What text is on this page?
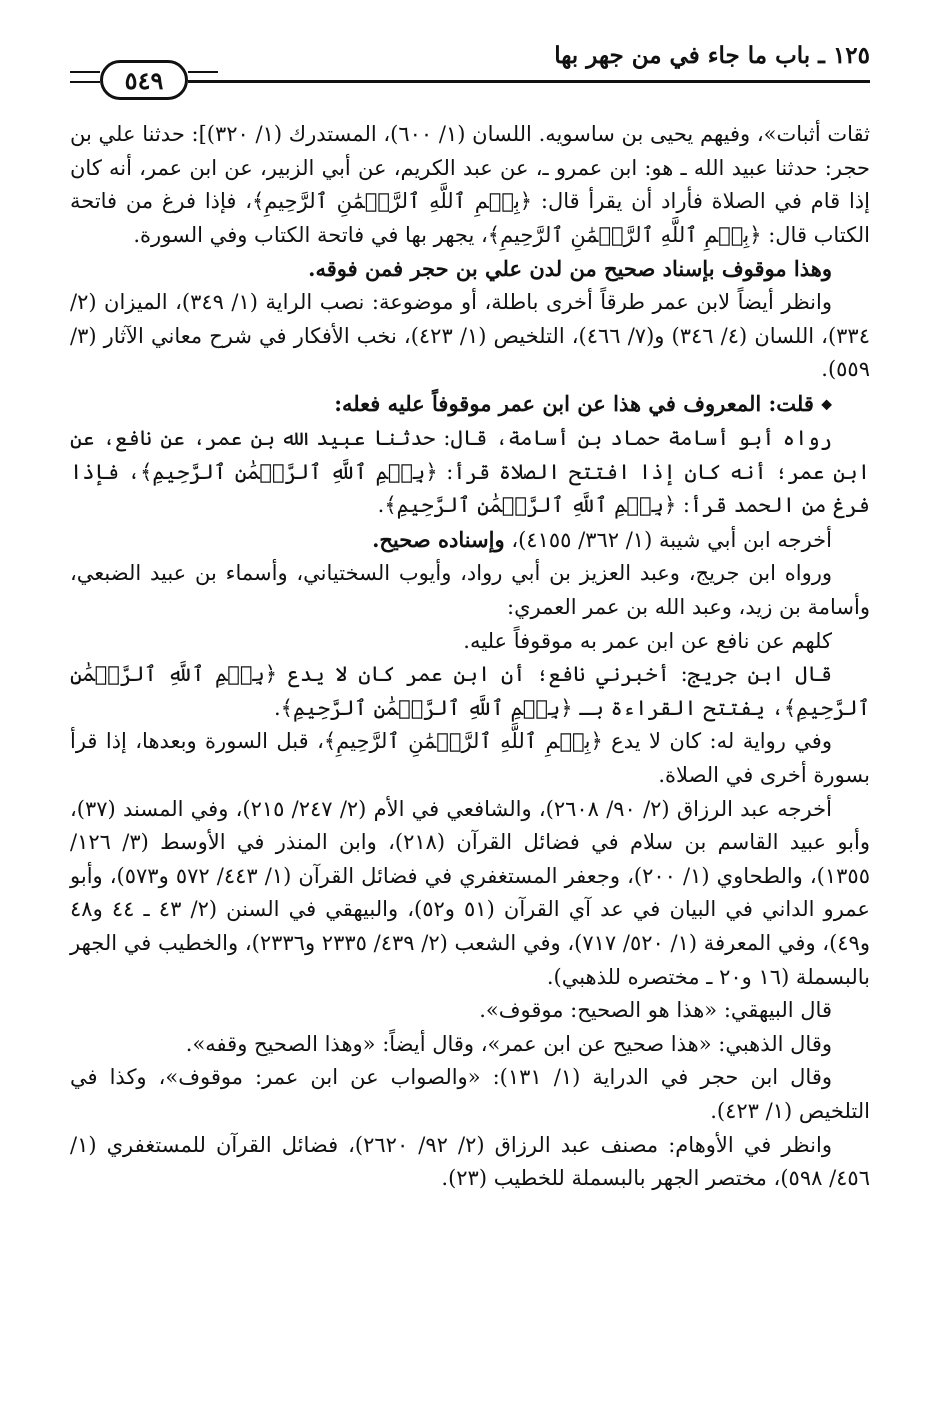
١٢٥ ـ باب ما جاء في من جهر بها
٥٤٩

ثقات أثبات»، وفيهم يحيى بن ساسويه. اللسان (١/ ٦٠٠)، المستدرك (١/ ٣٢٠)]: حدثنا علي بن حجر: حدثنا عبيد الله ـ هو: ابن عمرو ـ، عن عبد الكريم، عن أبي الزبير، عن ابن عمر، أنه كان إذا قام في الصلاة فأراد أن يقرأ قال: ﴿بِسۡمِ ٱللَّهِ ٱلرَّحۡمَٰنِ ٱلرَّحِيمِ﴾، فإذا فرغ من فاتحة الكتاب قال: ﴿بِسۡمِ ٱللَّهِ ٱلرَّحۡمَٰنِ ٱلرَّحِيمِ﴾، يجهر بها في فاتحة الكتاب وفي السورة.

وهذا موقوف بإسناد صحيح من لدن علي بن حجر فمن فوقه.

وانظر أيضاً لابن عمر طرقاً أخرى باطلة، أو موضوعة: نصب الراية (١/ ٣٤٩)، الميزان (٢/ ٣٣٤)، اللسان (٤/ ٣٤٦) و(٧/ ٤٦٦)، التلخيص (١/ ٤٢٣)، نخب الأفكار في شرح معاني الآثار (٣/ ٥٥٩).

◆ قلت: المعروف في هذا عن ابن عمر موقوفاً عليه فعله:

رواه أبو أسامة حماد بن أسامة، قال: حدثنا عبيد الله بن عمر، عن نافع، عن ابن عمر؛ أنه كان إذا افتتح الصلاة قرأ: ﴿بِسۡمِ ٱللَّهِ ٱلرَّحۡمَٰنِ ٱلرَّحِيمِ﴾، فإذا فرغ من الحمد قرأ: ﴿بِسۡمِ ٱللَّهِ ٱلرَّحۡمَٰنِ ٱلرَّحِيمِ﴾.

أخرجه ابن أبي شيبة (١/ ٣٦٢/ ٤١٥٥)، وإسناده صحيح.

ورواه ابن جريج، وعبد العزيز بن أبي رواد، وأيوب السختياني، وأسماء بن عبيد الضبعي، وأسامة بن زيد، وعبد الله بن عمر العمري:

كلهم عن نافع عن ابن عمر به موقوفاً عليه.

قال ابن جريج: أخبرني نافع؛ أن ابن عمر كان لا يدع ﴿بِسۡمِ ٱللَّهِ ٱلرَّحۡمَٰنِ ٱلرَّحِيمِ﴾، يفتتح القراءة بـ ﴿بِسۡمِ ٱللَّهِ ٱلرَّحۡمَٰنِ ٱلرَّحِيمِ﴾.

وفي رواية له: كان لا يدع ﴿بِسۡمِ ٱللَّهِ ٱلرَّحۡمَٰنِ ٱلرَّحِيمِ﴾، قبل السورة وبعدها، إذا قرأ بسورة أخرى في الصلاة.

أخرجه عبد الرزاق (٢/ ٩٠/ ٢٦٠٨)، والشافعي في الأم (٢/ ٢٤٧/ ٢١٥)، وفي المسند (٣٧)، وأبو عبيد القاسم بن سلام في فضائل القرآن (٢١٨)، وابن المنذر في الأوسط (٣/ ١٢٦/ ١٣٥٥)، والطحاوي (١/ ٢٠٠)، وجعفر المستغفري في فضائل القرآن (١/ ٤٤٣/ ٥٧٢ و٥٧٣)، وأبو عمرو الداني في البيان في عد آي القرآن (٥١ و٥٢)، والبيهقي في السنن (٢/ ٤٣ ـ ٤٤ و٤٨ و٤٩)، وفي المعرفة (١/ ٥٢٠/ ٧١٧)، وفي الشعب (٢/ ٤٣٩/ ٢٣٣٥ و٢٣٣٦)، والخطيب في الجهر بالبسملة (١٦ و٢٠ ـ مختصره للذهبي).

قال البيهقي: «هذا هو الصحيح: موقوف».

وقال الذهبي: «هذا صحيح عن ابن عمر»، وقال أيضاً: «وهذا الصحيح وقفه».

وقال ابن حجر في الدراية (١/ ١٣١): «والصواب عن ابن عمر: موقوف»، وكذا في التلخيص (١/ ٤٢٣).

وانظر في الأوهام: مصنف عبد الرزاق (٢/ ٩٢/ ٢٦٢٠)، فضائل القرآن للمستغفري (١/ ٤٥٦/ ٥٩٨)، مختصر الجهر بالبسملة للخطيب (٢٣).
